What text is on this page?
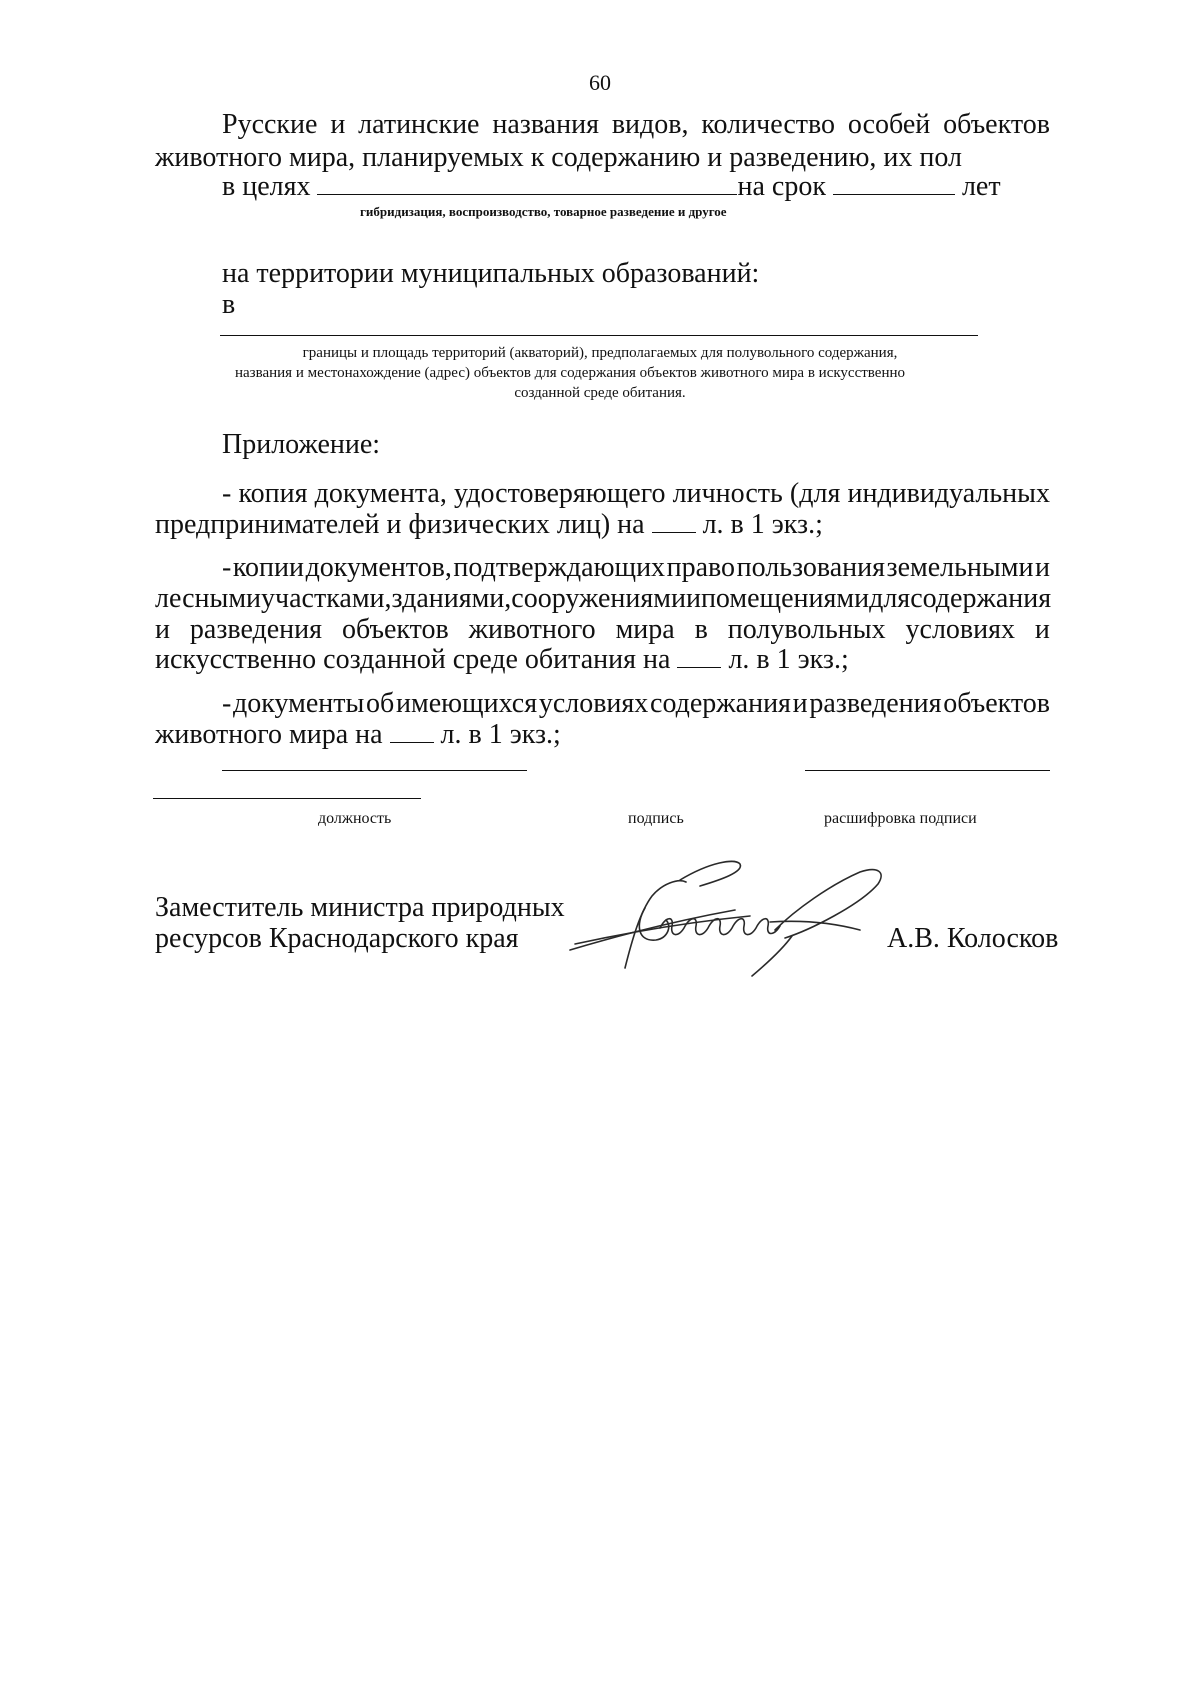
60
Русские и латинские названия видов, количество особей объектов
животного мира, планируемых к содержанию и разведению, их пол
в целях	на срок	лет
гибридизация, воспроизводство, товарное разведение и другое
на территории муниципальных образований:
в
границы и площадь территорий (акваторий), предполагаемых для полувольного содержания,
названия и местонахождение (адрес) объектов для содержания объектов животного мира в искусственно
созданной среде обитания.
Приложение:
- копия документа, удостоверяющего личность (для индивидуальных
предпринимателей и физических лиц) на л. в 1 экз.;
- копии документов, подтверждающих право пользования земельными и
лесными участками, зданиями, сооружениями и помещениями для содержания
и разведения объектов животного мира в полувольных условиях и
искусственно созданной среде обитания на л. в 1 экз.;
- документы об имеющихся условиях содержания и разведения объектов
животного мира на л. в 1 экз.;
должность	подпись	расшифровка подписи
Заместитель министра природных
ресурсов Краснодарского края	А.В. Колосков
